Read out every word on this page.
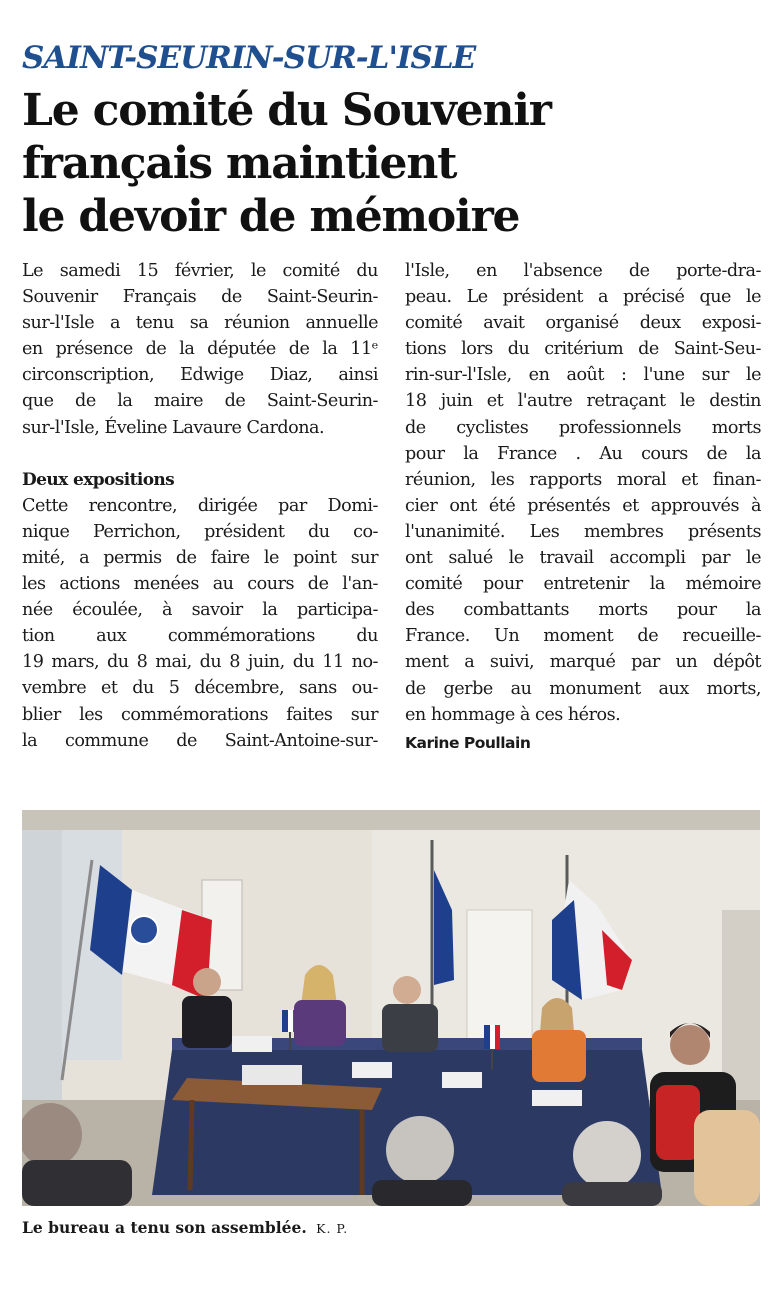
SAINT-SEURIN-SUR-L'ISLE
Le comité du Souvenir
français maintient
le devoir de mémoire
Le samedi 15 février, le comité du
Souvenir Français de Saint-Seurin-
sur-l'Isle a tenu sa réunion annuelle
en présence de la députée de la 11ᵉ
circonscription, Edwige Diaz, ainsi
que de la maire de Saint-Seurin-
sur-l'Isle, Éveline Lavaure Cardona.
Deux expositions
Cette rencontre, dirigée par Domi-
nique Perrichon, président du co-
mité, a permis de faire le point sur
les actions menées au cours de l'an-
née écoulée, à savoir la participa-
tion aux commémorations du
19 mars, du 8 mai, du 8 juin, du 11 no-
vembre et du 5 décembre, sans ou-
blier les commémorations faites sur
la commune de Saint-Antoine-sur-
l'Isle, en l'absence de porte-dra-
peau. Le président a précisé que le
comité avait organisé deux exposi-
tions lors du critérium de Saint-Seu-
rin-sur-l'Isle, en août : l'une sur le
18 juin et l'autre retraçant le destin
de cyclistes professionnels morts
pour la France . Au cours de la
réunion, les rapports moral et finan-
cier ont été présentés et approuvés à
l'unanimité. Les membres présents
ont salué le travail accompli par le
comité pour entretenir la mémoire
des combattants morts pour la
France. Un moment de recueille-
ment a suivi, marqué par un dépôt
de gerbe au monument aux morts,
en hommage à ces héros.
Karine Poullain
Le bureau a tenu son assemblée. K. P.
